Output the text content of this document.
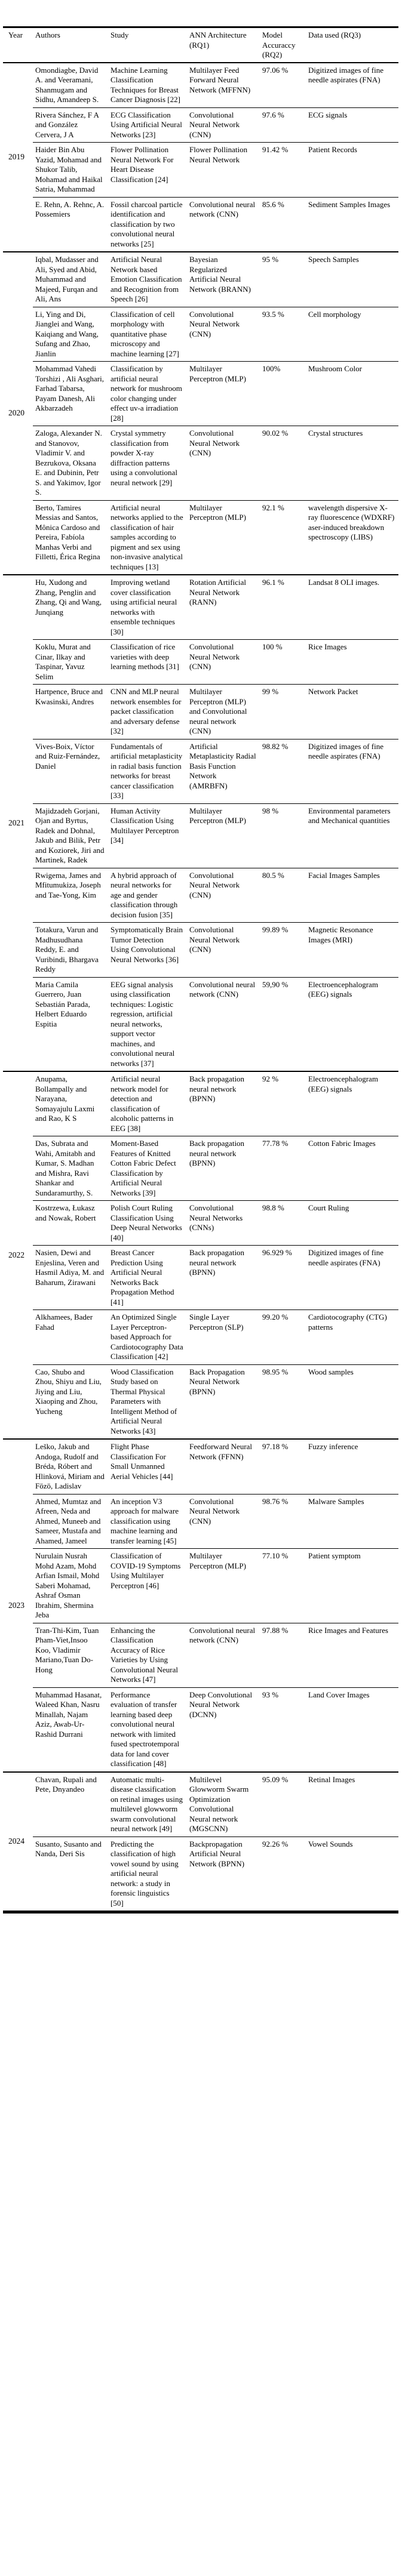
Year	Authors	Study	ANN Architecture (RQ1)	Model Accuraccy (RQ2)	Data used (RQ3)
2019	Omondiagbe, David A. and Veeramani, Shanmugam and Sidhu, Amandeep S.	Machine Learning Classification Techniques for Breast Cancer Diagnosis [22]	Multilayer Feed Forward Neural Network (MFFNN)	97.06 %	Digitized images of fine needle aspirates (FNA)
	Rivera Sánchez, F A and González Cervera, J A	ECG Classification Using Artificial Neural Networks [23]	Convolutional Neural Network (CNN)	97.6 %	ECG signals
	Haider Bin Abu Yazid, Mohamad and Shukor Talib, Mohamad and Haikal Satria, Muhammad	Flower Pollination Neural Network For Heart Disease Classification [24]	Flower Pollination Neural Network	91.42 %	Patient Records
	E. Rehn, A. Rehnc, A. Possemiers	Fossil charcoal particle identification and classification by two convolutional neural networks [25]	Convolutional neural network (CNN)	85.6 %	Sediment Samples Images
2020	Iqbal, Mudasser and Ali, Syed and Abid, Muhammad and Majeed, Furqan and Ali, Ans	Artificial Neural Network based Emotion Classification and Recognition from Speech [26]	Bayesian Regularized Artificial Neural Network (BRANN)	95 %	Speech Samples
	Li, Ying and Di, Jianglei and Wang, Kaiqiang and Wang, Sufang and Zhao, Jianlin	Classification of cell morphology with quantitative phase microscopy and machine learning [27]	Convolutional Neural Network (CNN)	93.5 %	Cell morphology
	Mohammad Vahedi Torshizi , Ali Asghari, Farhad Tabarsa, Payam Danesh, Ali Akbarzadeh	Classification by artificial neural network for mushroom color changing under effect uv-a irradiation [28]	Multilayer Perceptron (MLP)	100%	Mushroom Color
	Zaloga, Alexander N. and Stanovov, Vladimir V. and Bezrukova, Oksana E. and Dubinin, Petr S. and Yakimov, Igor S.	Crystal symmetry classification from powder X-ray diffraction patterns using a convolutional neural network [29]	Convolutional Neural Network (CNN)	90.02 %	Crystal structures
	Berto, Tamires Messias and Santos, Mônica Cardoso and Pereira, Fabíola Manhas Verbi and Filletti, Érica Regina	Artificial neural networks applied to the classification of hair samples according to pigment and sex using non-invasive analytical techniques [13]	Multilayer Perceptron (MLP)	92.1 %	wavelength dispersive X-ray fluorescence (WDXRF) aser-induced breakdown spectroscopy (LIBS)
2021	Hu, Xudong and Zhang, Penglin and Zhang, Qi and Wang, Junqiang	Improving wetland cover classification using artificial neural networks with ensemble techniques [30]	Rotation Artificial Neural Network (RANN)	96.1 %	Landsat 8 OLI images.
	Koklu, Murat and Cinar, Ilkay and Taspinar, Yavuz Selim	Classification of rice varieties with deep learning methods [31]	Convolutional Neural Network (CNN)	100 %	Rice Images
	Hartpence, Bruce and Kwasinski, Andres	CNN and MLP neural network ensembles for packet classification and adversary defense [32]	Multilayer Perceptron (MLP) and Convolutional neural network (CNN)	99 %	Network Packet
	Vives-Boix, Víctor and Ruiz-Fernández, Daniel	Fundamentals of artificial metaplasticity in radial basis function networks for breast cancer classification [33]	Artificial Metaplasticity Radial Basis Function Network (AMRBFN)	98.82 %	Digitized images of fine needle aspirates (FNA)
	Majidzadeh Gorjani, Ojan and Byrtus, Radek and Dohnal, Jakub and Bilik, Petr and Koziorek, Jiri and Martinek, Radek	Human Activity Classification Using Multilayer Perceptron [34]	Multilayer Perceptron (MLP)	98 %	Environmental parameters and Mechanical quantities
	Rwigema, James and Mfitumukiza, Joseph and Tae-Yong, Kim	A hybrid approach of neural networks for age and gender classification through decision fusion [35]	Convolutional Neural Network (CNN)	80.5 %	Facial Images Samples
	Totakura, Varun and Madhusudhana Reddy, E. and Vuribindi, Bhargava Reddy	Symptomatically Brain Tumor Detection Using Convolutional Neural Networks [36]	Convolutional Neural Network (CNN)	99.89 %	Magnetic Resonance Images (MRI)
	Maria Camila Guerrero, Juan Sebastián Parada, Helbert Eduardo Espitia	EEG signal analysis using classification techniques: Logistic regression, artificial neural networks, support vector machines, and convolutional neural networks [37]	Convolutional neural network (CNN)	59,90 %	Electroencephalogram (EEG) signals
2022	Anupama, Bollampally and Narayana, Somayajulu Laxmi and Rao, K S	Artificial neural network model for detection and classification of alcoholic patterns in EEG [38]	Back propagation neural network (BPNN)	92 %	Electroencephalogram (EEG) signals
	Das, Subrata and Wahi, Amitabh and Kumar, S. Madhan and Mishra, Ravi Shankar and Sundaramurthy, S.	Moment-Based Features of Knitted Cotton Fabric Defect Classification by Artificial Neural Networks [39]	Back propagation neural network (BPNN)	77.78 %	Cotton Fabric Images
	Kostrzewa, Łukasz and Nowak, Robert	Polish Court Ruling Classification Using Deep Neural Networks [40]	Convolutional Neural Networks (CNNs)	98.8 %	Court Ruling
	Nasien, Dewi and Enjeslina, Veren and Hasmil Adiya, M. and Baharum, Zirawani	Breast Cancer Prediction Using Artificial Neural Networks Back Propagation Method [41]	Back propagation neural network (BPNN)	96.929 %	Digitized images of fine needle aspirates (FNA)
	Alkhamees, Bader Fahad	An Optimized Single Layer Perceptron-based Approach for Cardiotocography Data Classification [42]	Single Layer Perceptron (SLP)	99.20 %	Cardiotocography (CTG) patterns
	Cao, Shubo and Zhou, Shiyu and Liu, Jiying and Liu, Xiaoping and Zhou, Yucheng	Wood Classification Study based on Thermal Physical Parameters with Intelligent Method of Artificial Neural Networks [43]	Back Propagation Neural Network (BPNN)	98.95 %	Wood samples
2023	Leško, Jakub and Andoga, Rudolf and Bréda, Róbert and Hlinková, Miriam and Fözö, Ladislav	Flight Phase Classification For Small Unmanned Aerial Vehicles [44]	Feedforward Neural Network (FFNN)	97.18 %	Fuzzy inference
	Ahmed, Mumtaz and Afreen, Neda and Ahmed, Muneeb and Sameer, Mustafa and Ahamed, Jameel	An inception V3 approach for malware classification using machine learning and transfer learning [45]	Convolutional Neural Network (CNN)	98.76 %	Malware Samples
	Nurulain Nusrah Mohd Azam, Mohd Arfian Ismail, Mohd Saberi Mohamad, Ashraf Osman Ibrahim, Shermina Jeba	Classification of COVID-19 Symptoms Using Multilayer Perceptron [46]	Multilayer Perceptron (MLP)	77.10 %	Patient symptom
	Tran-Thi-Kim, Tuan Pham-Viet,Insoo Koo, Vladimir Mariano,Tuan Do-Hong	Enhancing the Classification Accuracy of Rice Varieties by Using Convolutional Neural Networks [47]	Convolutional neural network (CNN)	97.88 %	Rice Images and Features
	Muhammad Hasanat, Waleed Khan, Nasru Minallah, Najam Aziz, Awab-Ur-Rashid Durrani	Performance evaluation of transfer learning based deep convolutional neural network with limited fused spectrotemporal data for land cover classification [48]	Deep Convolutional Neural Network (DCNN)	93 %	Land Cover Images
2024	Chavan, Rupali and Pete, Dnyandeo	Automatic multi-disease classification on retinal images using multilevel glowworm swarm convolutional neural network [49]	Multilevel Glowworm Swarm Optimization Convolutional Neural network (MGSCNN)	95.09 %	Retinal Images
	Susanto, Susanto and Nanda, Deri Sis	Predicting the classification of high vowel sound by using artificial neural network: a study in forensic linguistics [50]	Backpropagation Artificial Neural Network (BPNN)	92.26 %	Vowel Sounds
